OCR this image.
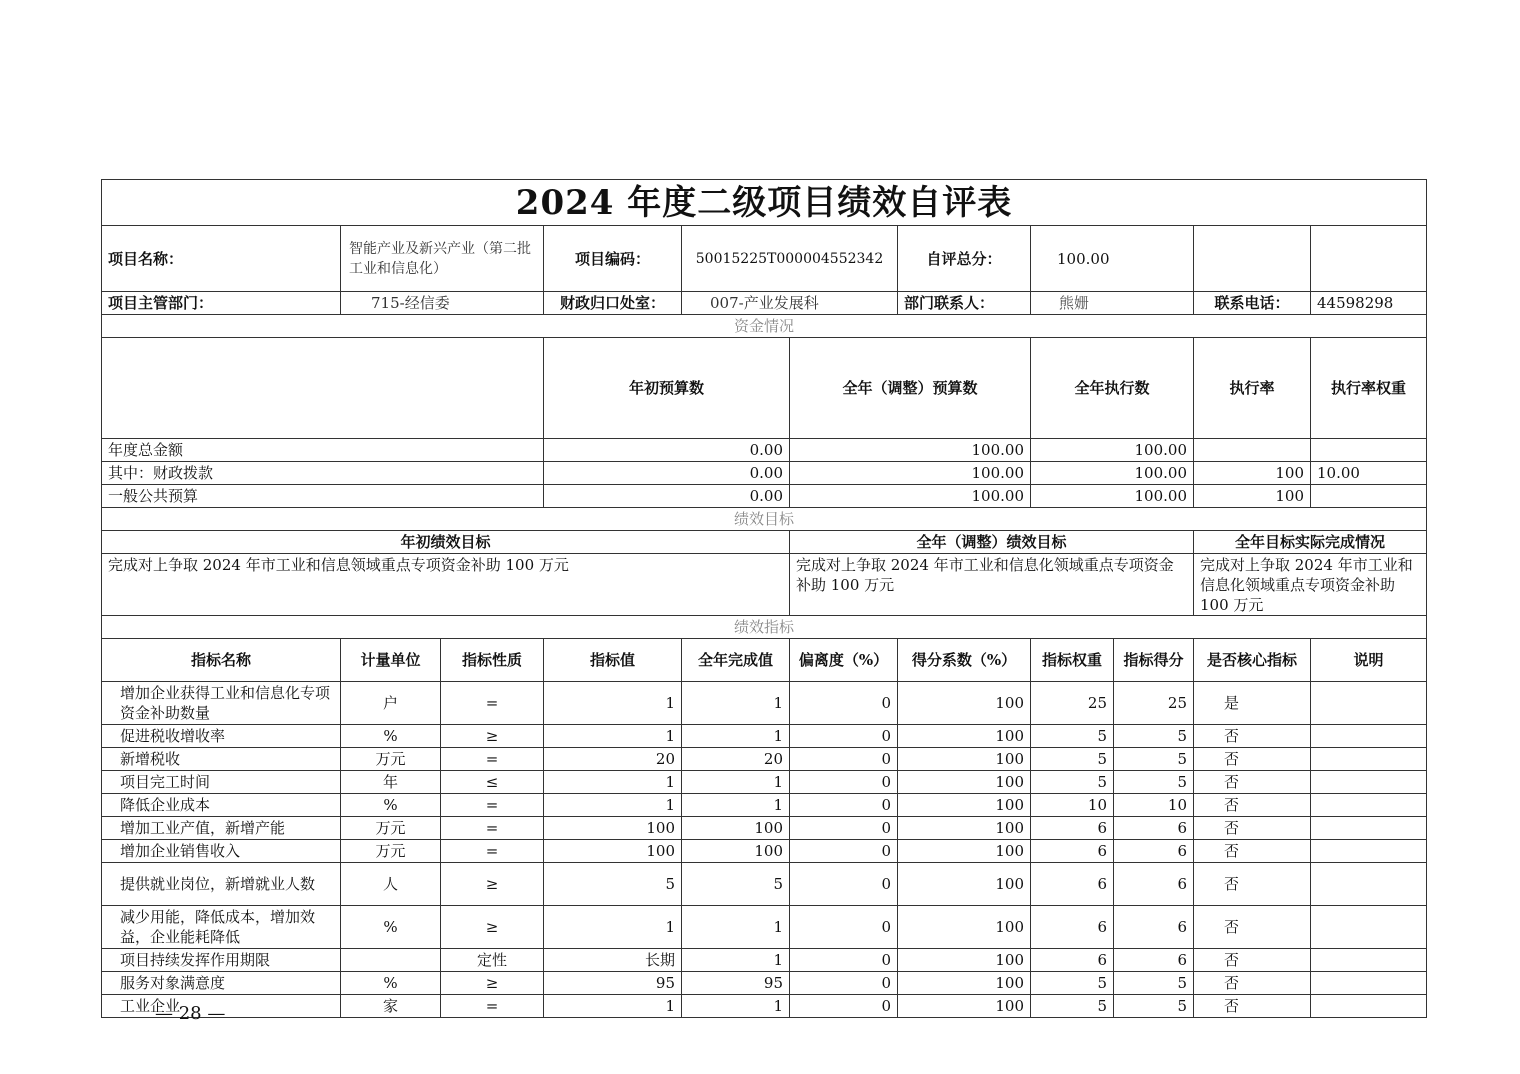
2024 年度二级项目绩效自评表											
项目名称：	智能产业及新兴产业（第二批工业和信息化）		项目编码：	50015225T000004552342		自评总分：	100.00				
项目主管部门：	715-经信委		财政归口处室：	007-产业发展科		部门联系人：	熊姗		联系电话：	44598298	
资金情况											
			年初预算数		全年（调整）预算数		全年执行数		执行率	执行率权重	
年度总金额			0.00		100.00		100.00				
其中：财政拨款			0.00		100.00		100.00		100	10.00	
一般公共预算			0.00		100.00		100.00		100		
绩效目标											
年初绩效目标					全年（调整）绩效目标				全年目标实际完成情况		
完成对上争取 2024 年市工业和信息领域重点专项资金补助 100 万元					完成对上争取 2024 年市工业和信息化领域重点专项资金补助 100 万元				完成对上争取 2024 年市工业和信息化领域重点专项资金补助 100 万元		
绩效指标											
指标名称	计量单位	指标性质	指标值	全年完成值	偏离度（%）	得分系数（%）	指标权重	指标得分	是否核心指标	说明	
增加企业获得工业和信息化专项资金补助数量	户	=	1	1	0	100	25	25	是		
促进税收增收率	%	≥	1	1	0	100	5	5	否		
新增税收	万元	=	20	20	0	100	5	5	否		
项目完工时间	年	≤	1	1	0	100	5	5	否		
降低企业成本	%	=	1	1	0	100	10	10	否		
增加工业产值，新增产能	万元	=	100	100	0	100	6	6	否		
增加企业销售收入	万元	=	100	100	0	100	6	6	否		
提供就业岗位，新增就业人数	人	≥	5	5	0	100	6	6	否		
减少用能，降低成本，增加效益，企业能耗降低	%	≥	1	1	0	100	6	6	否		
项目持续发挥作用期限		定性	长期	1	0	100	6	6	否		
服务对象满意度	%	≥	95	95	0	100	5	5	否		
工业企业	家	=	1	1	0	100	5	5	否		
— 28 —
